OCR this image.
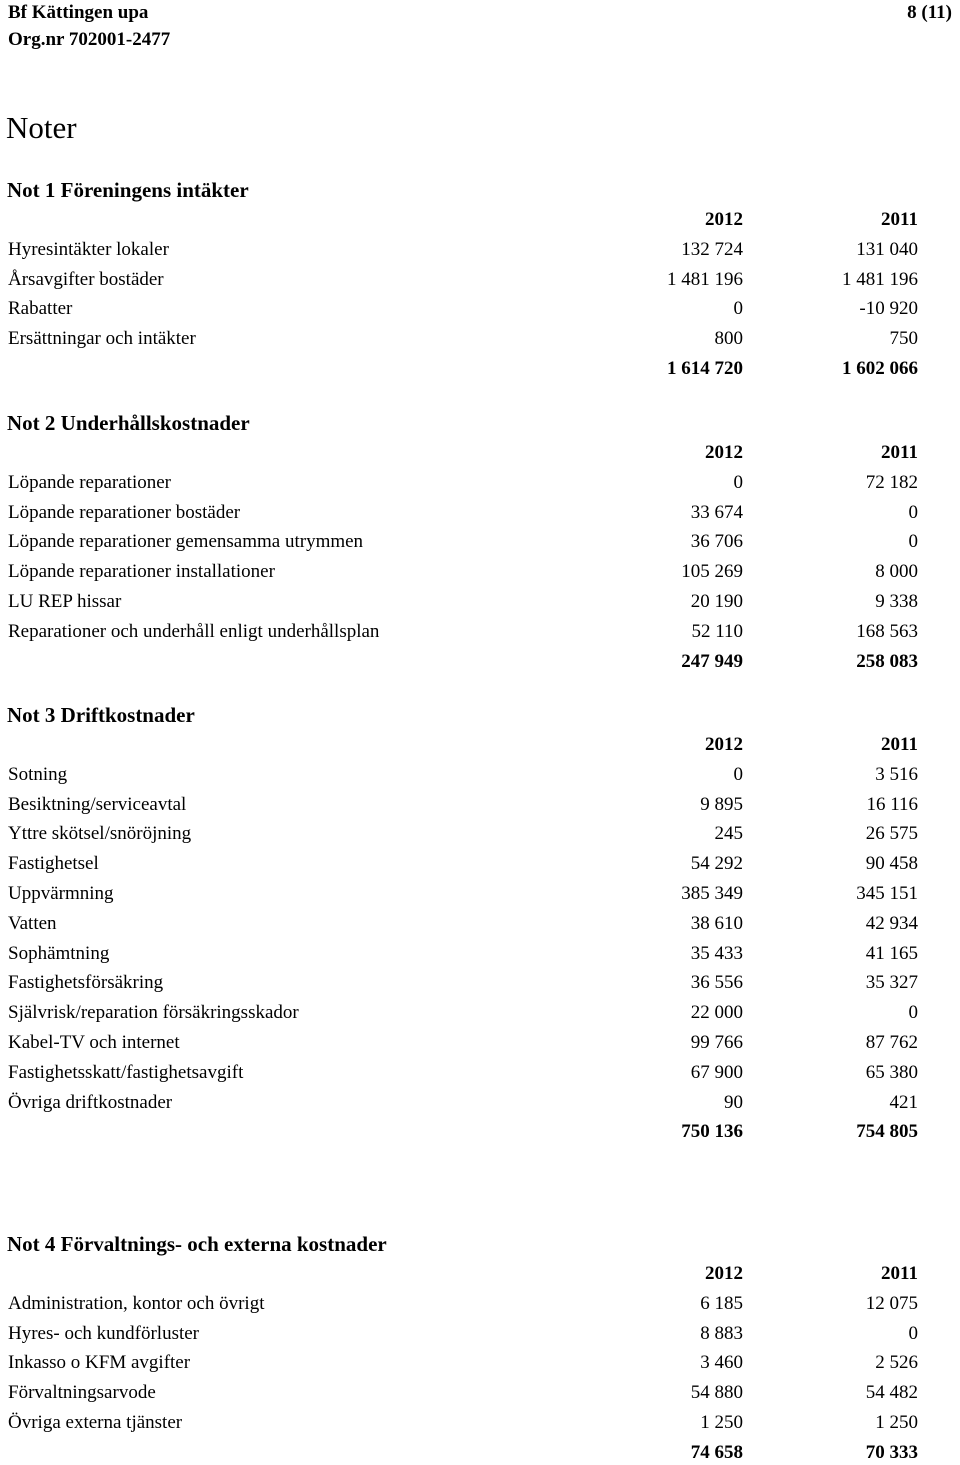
Bf Kättingen upa
Org.nr 702001-2477
8 (11)
Noter
Not 1 Föreningens intäkter
2012	2011
Hyresintäkter lokaler	132 724	131 040
Årsavgifter bostäder	1 481 196	1 481 196
Rabatter	0	-10 920
Ersättningar och intäkter	800	750
1 614 720	1 602 066
Not 2 Underhållskostnader
2012	2011
Löpande reparationer	0	72 182
Löpande reparationer bostäder	33 674	0
Löpande reparationer gemensamma utrymmen	36 706	0
Löpande reparationer installationer	105 269	8 000
LU REP hissar	20 190	9 338
Reparationer och underhåll enligt underhållsplan	52 110	168 563
247 949	258 083
Not 3 Driftkostnader
2012	2011
Sotning	0	3 516
Besiktning/serviceavtal	9 895	16 116
Yttre skötsel/snöröjning	245	26 575
Fastighetsel	54 292	90 458
Uppvärmning	385 349	345 151
Vatten	38 610	42 934
Sophämtning	35 433	41 165
Fastighetsförsäkring	36 556	35 327
Självrisk/reparation försäkringsskador	22 000	0
Kabel-TV och internet	99 766	87 762
Fastighetsskatt/fastighetsavgift	67 900	65 380
Övriga driftkostnader	90	421
750 136	754 805
Not 4 Förvaltnings- och externa kostnader
2012	2011
Administration, kontor och övrigt	6 185	12 075
Hyres- och kundförluster	8 883	0
Inkasso o KFM avgifter	3 460	2 526
Förvaltningsarvode	54 880	54 482
Övriga externa tjänster	1 250	1 250
74 658	70 333
